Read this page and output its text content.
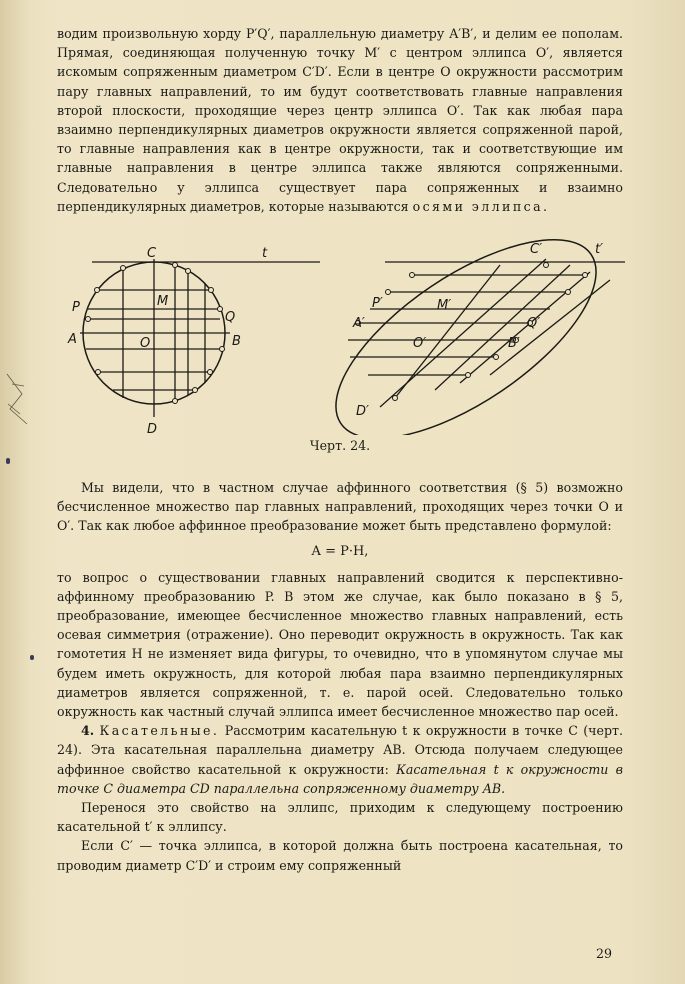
водим произвольную хорду P′Q′, параллельную диаметру A′B′, и делим ее пополам. Прямая, соединяющая полученную точку M′ с центром эллипса O′, является искомым сопряженным диаметром C′D′. Если в центре O окружности рассмотрим пару главных направлений, то им будут соответствовать главные направления второй плоскости, проходящие через центр эллипса O′. Так как любая пара взаимно перпендикулярных диаметров окружности является сопряженной парой, то главные направления как в центре окружности, так и соответствующие им главные направления в центре эллипса также являются сопряженными. Следовательно у эллипса существует пара сопряженных и взаимно перпендикулярных диаметров, которые называются осями эллипса.

C	t
P	M
Q
A	O	B
D
C′	t′
P′	M′
A′	Q′
O′	B′
D′
Черт. 24.

Мы видели, что в частном случае аффинного соответствия (§ 5) возможно бесчисленное множество пар главных направлений, проходящих через точки O и O′. Так как любое аффинное преобразование может быть представлено формулой:

A = P·H,

то вопрос о существовании главных направлений сводится к перспективно-аффинному преобразованию P. В этом же случае, как было показано в § 5, преобразование, имеющее бесчисленное множество главных направлений, есть осевая симметрия (отражение). Оно переводит окружность в окружность. Так как гомотетия H не изменяет вида фигуры, то очевидно, что в упомянутом случае мы будем иметь окружность, для которой любая пара взаимно перпендикулярных диаметров является сопряженной, т. е. парой осей. Следовательно только окружность как частный случай эллипса имеет бесчисленное множество пар осей.

4. Касательные. Рассмотрим касательную t к окружности в точке C (черт. 24). Эта касательная параллельна диаметру AB. Отсюда получаем следующее аффинное свойство касательной к окружности: Касательная t к окружности в точке C диаметра CD параллельна сопряженному диаметру AB.

Перенося это свойство на эллипс, приходим к следующему построению касательной t′ к эллипсу.

Если C′ — точка эллипса, в которой должна быть построена касательная, то проводим диаметр C′D′ и строим ему сопряженный

29
